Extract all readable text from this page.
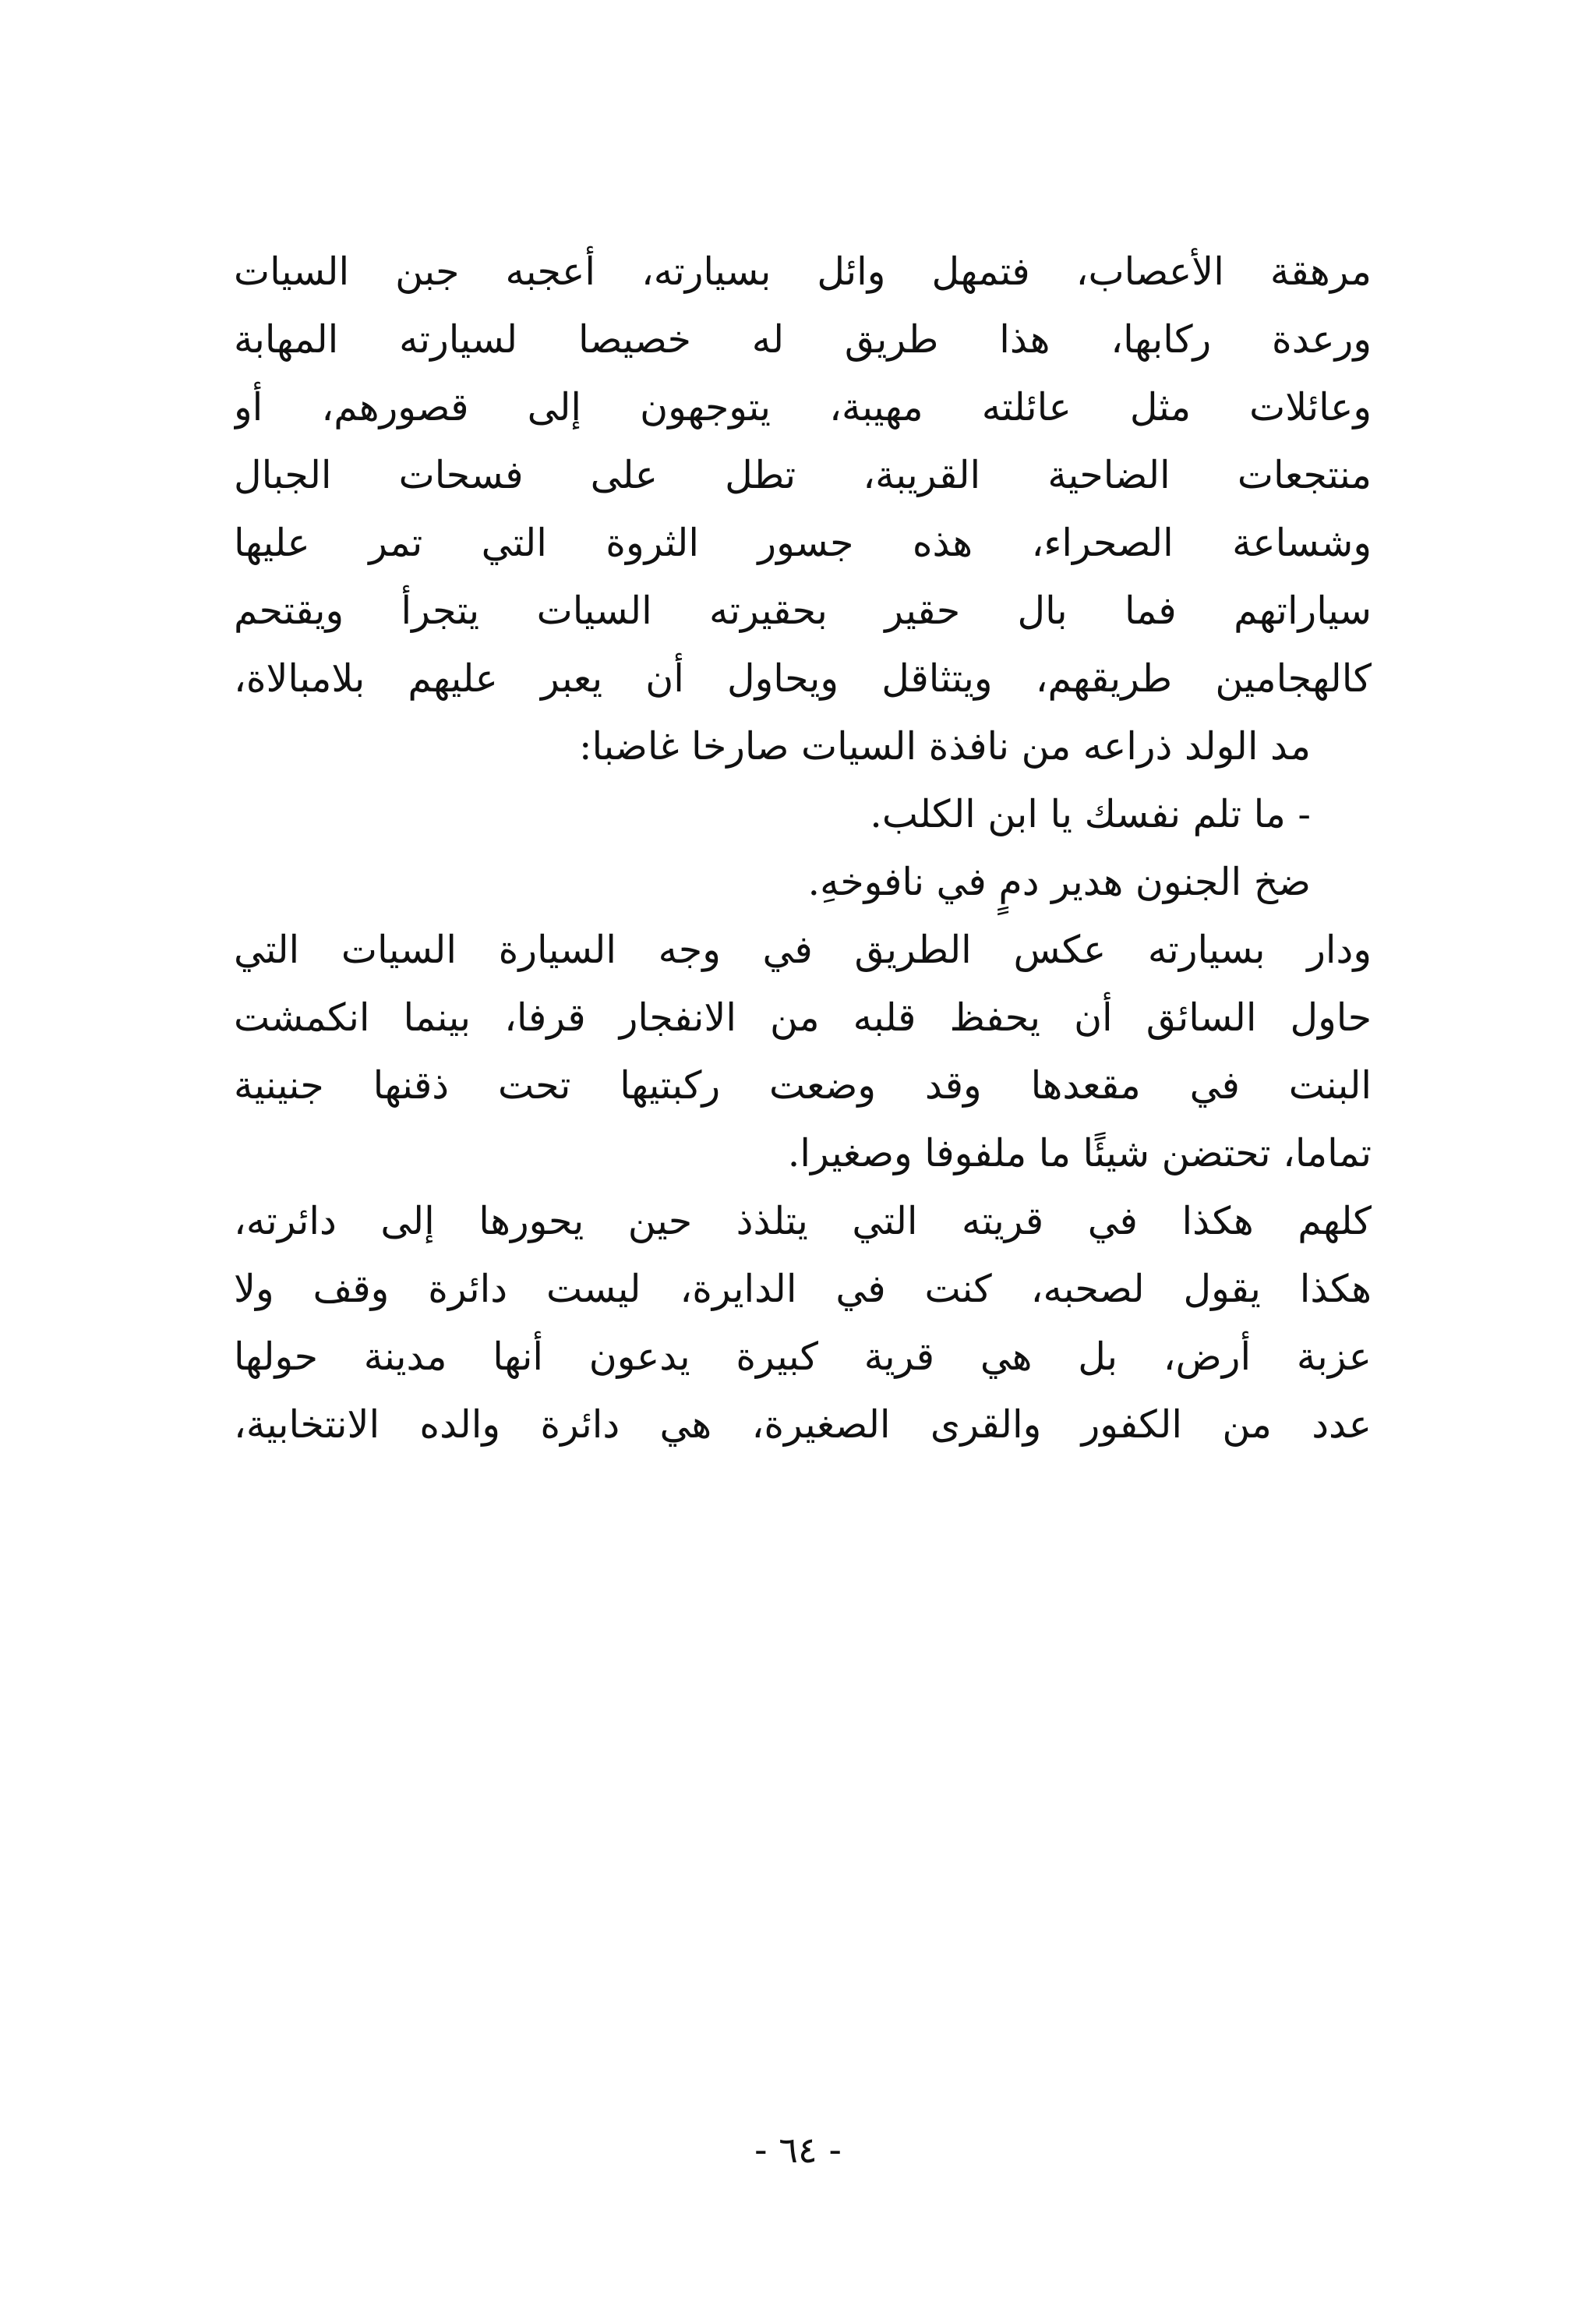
مرهقة الأعصاب، فتمهل وائل بسيارته، أعجبه جبن السيات
ورعدة ركابها، هذا طريق له خصيصا لسيارته المهابة
وعائلات مثل عائلته مهيبة، يتوجهون إلى قصورهم، أو
منتجعات الضاحية القريبة، تطل على فسحات الجبال
وشساعة الصحراء، هذه جسور الثروة التي تمر عليها
سياراتهم فما بال حقير بحقيرته السيات يتجرأ ويقتحم
كالهجامين طريقهم، ويتثاقل ويحاول أن يعبر عليهم بلامبالاة،
مد الولد ذراعه من نافذة السيات صارخا غاضبا:
- ما تلم نفسك يا ابن الكلب.
ضخ الجنون هدير دمٍ في نافوخهِ.
ودار بسيارته عكس الطريق في وجه السيارة السيات التي
حاول السائق أن يحفظ قلبه من الانفجار قرفا، بينما انكمشت
البنت في مقعدها وقد وضعت ركبتيها تحت ذقنها جنينية
تماما، تحتضن شيئًا ما ملفوفا وصغيرا.
كلهم هكذا في قريته التي يتلذذ حين يحورها إلى دائرته،
هكذا يقول لصحبه، كنت في الدايرة، ليست دائرة وقف ولا
عزبة أرض، بل هي قرية كبيرة يدعون أنها مدينة حولها
عدد من الكفور والقرى الصغيرة، هي دائرة والده الانتخابية،
- ٦٤ -
